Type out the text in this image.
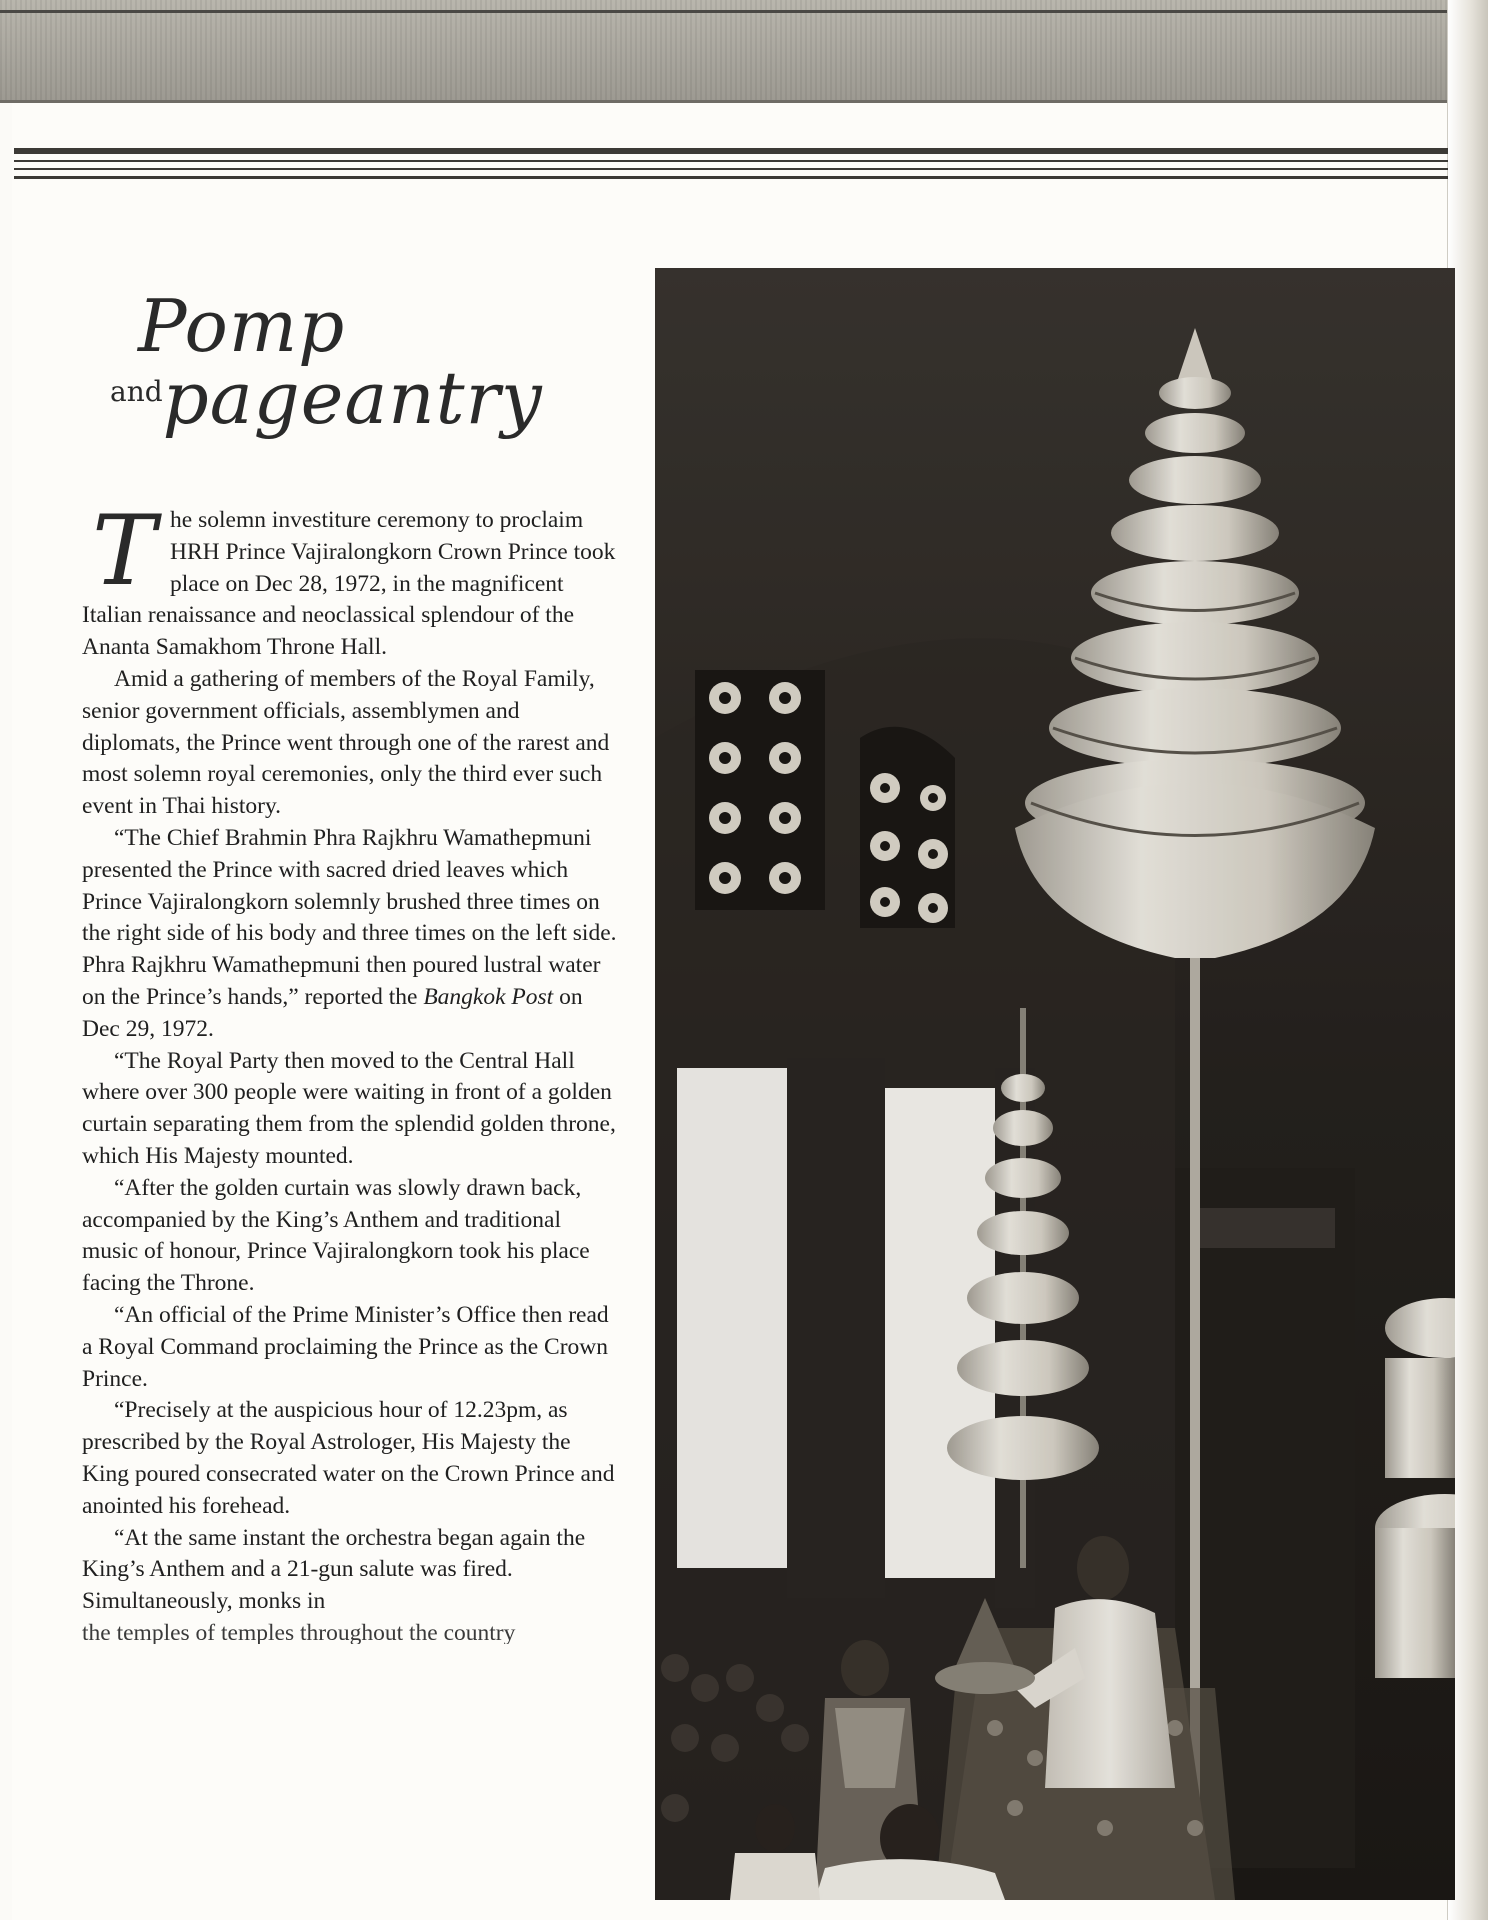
Pomp
andpageantry

T he solemn investiture ceremony to proclaim HRH Prince Vajiralongkorn Crown Prince took place on Dec 28, 1972, in the magnificent Italian renaissance and neoclassical splendour of the Ananta Samakhom Throne Hall.

Amid a gathering of members of the Royal Family, senior government officials, assemblymen and diplomats, the Prince went through one of the rarest and most solemn royal ceremonies, only the third ever such event in Thai history.

“The Chief Brahmin Phra Rajkhru Wamathepmuni presented the Prince with sacred dried leaves which Prince Vajiralongkorn solemnly brushed three times on the right side of his body and three times on the left side. Phra Rajkhru Wamathepmuni then poured lustral water on the Prince’s hands,” reported the Bangkok Post on Dec 29, 1972.

“The Royal Party then moved to the Central Hall where over 300 people were waiting in front of a golden curtain separating them from the splendid golden throne, which His Majesty mounted.

“After the golden curtain was slowly drawn back, accompanied by the King’s Anthem and traditional music of honour, Prince Vajiralongkorn took his place facing the Throne.

“An official of the Prime Minister’s Office then read a Royal Command proclaiming the Prince as the Crown Prince.

“Precisely at the auspicious hour of 12.23pm, as prescribed by the Royal Astrologer, His Majesty the King poured consecrated water on the Crown Prince and anointed his forehead.

“At the same instant the orchestra began again the King’s Anthem and a 21-gun salute was fired. Simultaneously, monks in

the temples of temples throughout the country
